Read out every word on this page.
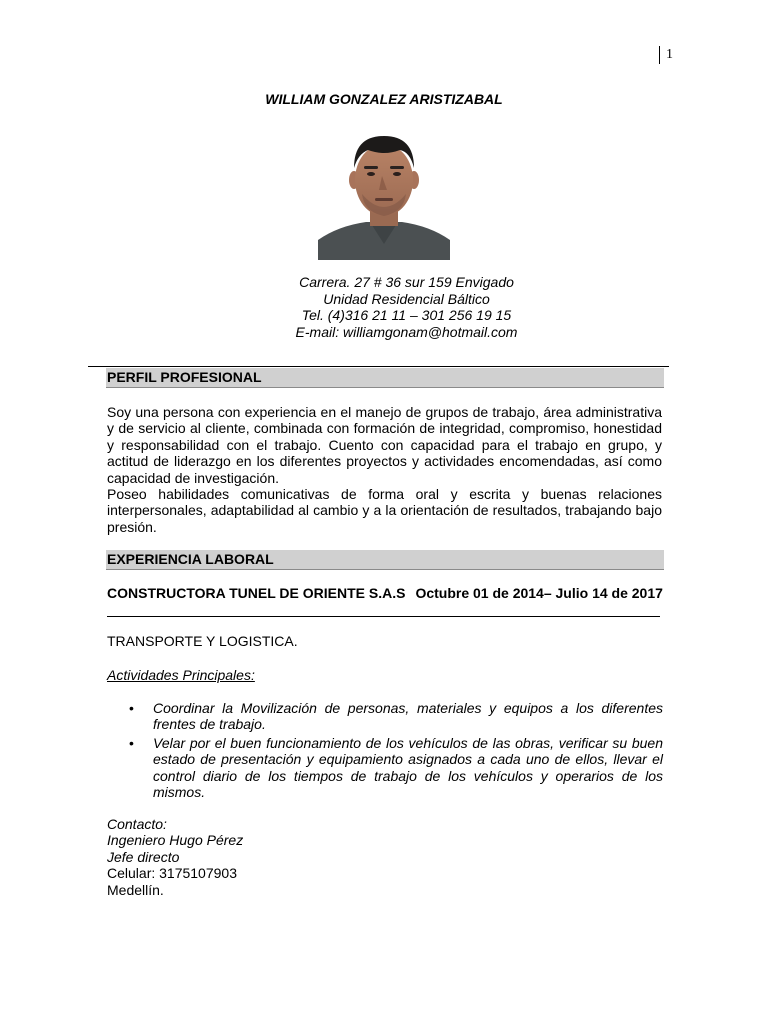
1
WILLIAM GONZALEZ ARISTIZABAL
Carrera. 27 # 36 sur 159 Envigado
Unidad Residencial Báltico
Tel. (4)316 21 11 – 301 256 19 15
E-mail: williamgonam@hotmail.com
PERFIL PROFESIONAL
Soy una persona con experiencia en el manejo de grupos de trabajo, área administrativa y de servicio al cliente, combinada con formación de integridad, compromiso, honestidad y responsabilidad con el trabajo. Cuento con capacidad para el trabajo en grupo, y actitud de liderazgo en los diferentes proyectos y actividades encomendadas, así como capacidad de investigación.
Poseo habilidades comunicativas de forma oral y escrita y buenas relaciones interpersonales, adaptabilidad al cambio y a la orientación de resultados, trabajando bajo presión.
EXPERIENCIA LABORAL
CONSTRUCTORA TUNEL DE ORIENTE S.A.S Octubre 01 de 2014– Julio 14 de 2017
TRANSPORTE Y LOGISTICA.
Actividades Principales:
• Coordinar la Movilización de personas, materiales y equipos a los diferentes frentes de trabajo.
• Velar por el buen funcionamiento de los vehículos de las obras, verificar su buen estado de presentación y equipamiento asignados a cada uno de ellos, llevar el control diario de los tiempos de trabajo de los vehículos y operarios de los mismos.
Contacto:
Ingeniero Hugo Pérez
Jefe directo
Celular: 3175107903
Medellín.
